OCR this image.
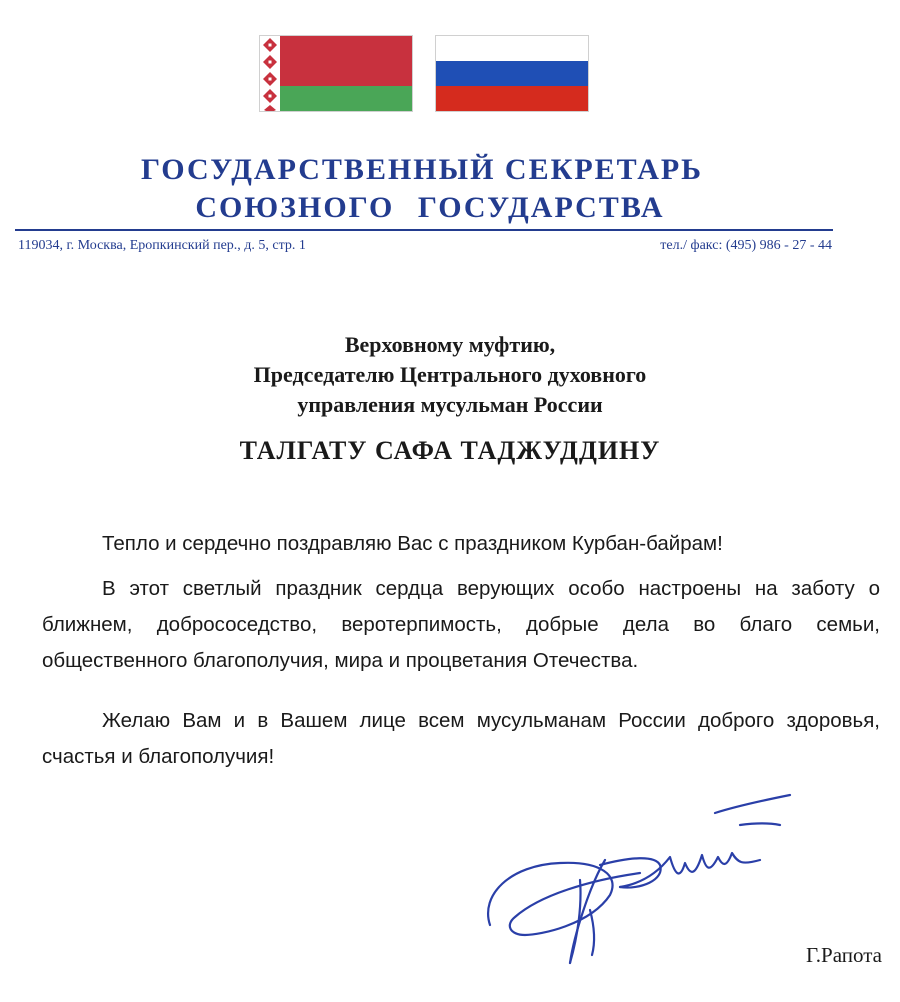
ГОСУДАРСТВЕННЫЙ СЕКРЕТАРЬ
СОЮЗНОГО ГОСУДАРСТВА
119034, г. Москва, Еропкинский пер., д. 5, стр. 1	тел./ факс: (495) 986 - 27 - 44
Верховному муфтию,
Председателю Центрального духовного
управления мусульман России
ТАЛГАТУ САФА ТАДЖУДДИНУ
Тепло и сердечно поздравляю Вас с праздником Курбан-байрам!
В этот светлый праздник сердца верующих особо настроены на заботу о ближнем, добрососедство, веротерпимость, добрые дела во благо семьи, общественного благополучия, мира и процветания Отечества.
Желаю Вам и в Вашем лице всем мусульманам России доброго здоровья, счастья и благополучия!
Г.Рапота
